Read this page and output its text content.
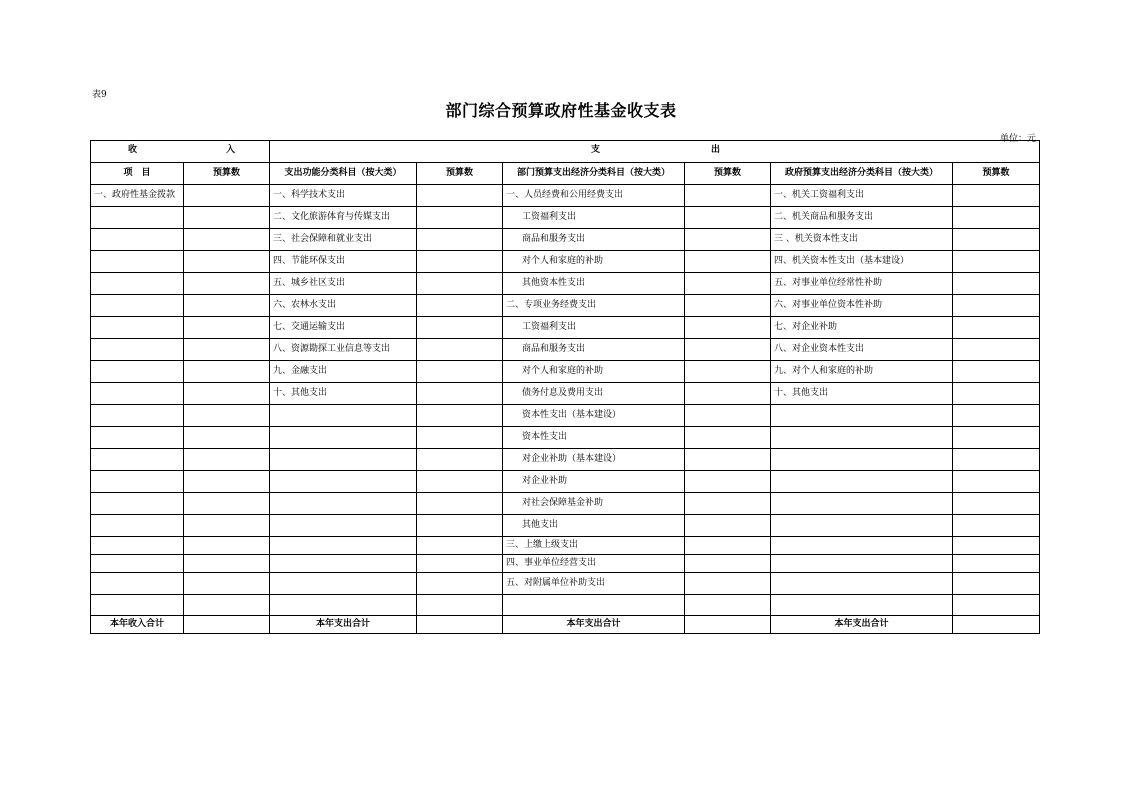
表9
部门综合预算政府性基金收支表
单位：元
收 入		支 出					

项　目	预算数	支出功能分类科目（按大类）	预算数	部门预算支出经济分类科目（按大类）	预算数	政府预算支出经济分类科目（按大类）	预算数
一、政府性基金拨款		一、科学技术支出		一、人员经费和公用经费支出		一、机关工资福利支出	
		二、文化旅游体育与传媒支出		工资福利支出		二、机关商品和服务支出	
		三、社会保障和就业支出		商品和服务支出		三 、机关资本性支出	
		四、节能环保支出		对个人和家庭的补助		四、机关资本性支出（基本建设）	
		五、城乡社区支出		其他资本性支出		五、对事业单位经常性补助	
		六、农林水支出		二、专项业务经费支出		六、对事业单位资本性补助	
		七、交通运输支出		工资福利支出		七、对企业补助	
		八、资源勘探工业信息等支出		商品和服务支出		八、对企业资本性支出	
		九、金融支出		对个人和家庭的补助		九、对个人和家庭的补助	
		十、其他支出		债务付息及费用支出		十、其他支出	
				资本性支出（基本建设）			
				资本性支出			
				对企业补助（基本建设）			
				对企业补助			
				对社会保障基金补助			
				其他支出			
				三、上缴上级支出			
				四、事业单位经营支出			
				五、对附属单位补助支出			

本年收入合计		本年支出合计		本年支出合计		本年支出合计	
